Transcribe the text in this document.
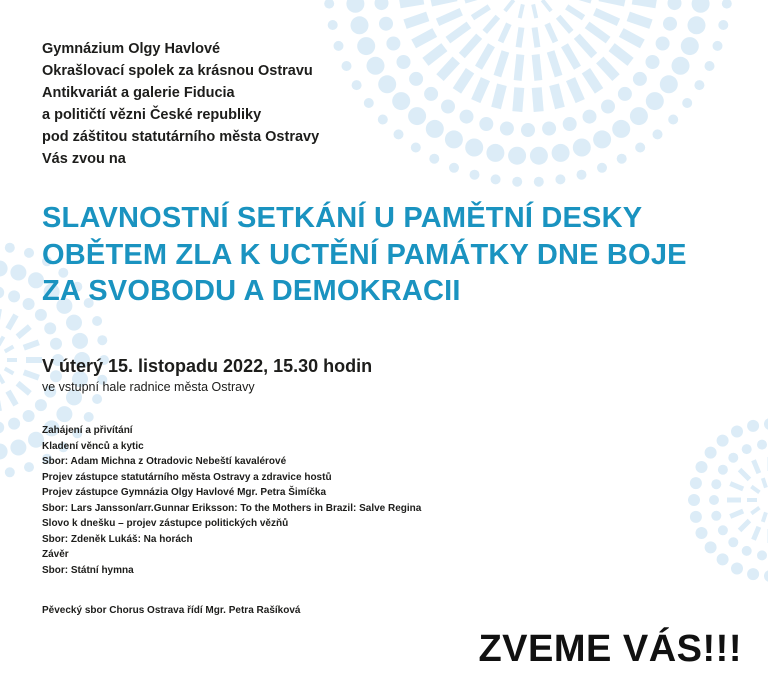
Gymnázium Olgy Havlové
Okrašlovací spolek za krásnou Ostravu
Antikvariát a galerie Fiducia
a političtí vězni České republiky
pod záštitou statutárního města Ostravy
Vás zvou na
SLAVNOSTNÍ SETKÁNÍ U PAMĚTNÍ DESKY
OBĚTEM ZLA K UCTĚNÍ PAMÁTKY DNE BOJE
ZA SVOBODU A DEMOKRACII
V úterý 15. listopadu 2022, 15.30 hodin
ve vstupní hale radnice města Ostravy
Zahájení a přivítání
Kladení věnců a kytic
Sbor: Adam Michna z Otradovic Nebeští kavalérové
Projev zástupce statutárního města Ostravy a zdravice hostů
Projev zástupce Gymnázia Olgy Havlové Mgr. Petra Šimíčka
Sbor: Lars Jansson/arr.Gunnar Eriksson: To the Mothers in Brazil: Salve Regina
Slovo k dnešku – projev zástupce politických vězňů
Sbor: Zdeněk Lukáš: Na horách
Závěr
Sbor: Státní hymna
Pěvecký sbor Chorus Ostrava řídí Mgr. Petra Rašíková
ZVEME VÁS!!!
